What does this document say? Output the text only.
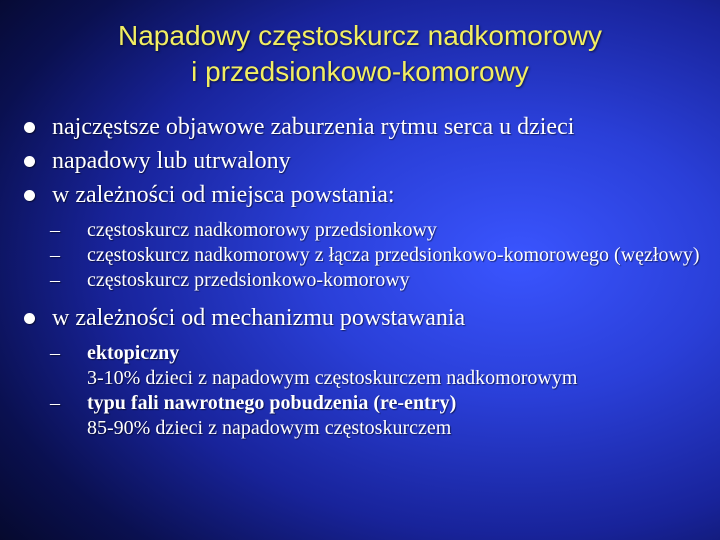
Napadowy częstoskurcz nadkomorowy
i przedsionkowo-komorowy
najczęstsze objawowe zaburzenia rytmu serca u dzieci
napadowy lub utrwalony
w zależności od miejsca powstania:
– częstoskurcz nadkomorowy przedsionkowy
– częstoskurcz nadkomorowy z łącza przedsionkowo-komorowego (węzłowy)
– częstoskurcz przedsionkowo-komorowy
w zależności od mechanizmu powstawania
– ektopiczny
3-10% dzieci z napadowym częstoskurczem nadkomorowym
– typu fali nawrotnego pobudzenia (re-entry)
85-90% dzieci z napadowym częstoskurczem
